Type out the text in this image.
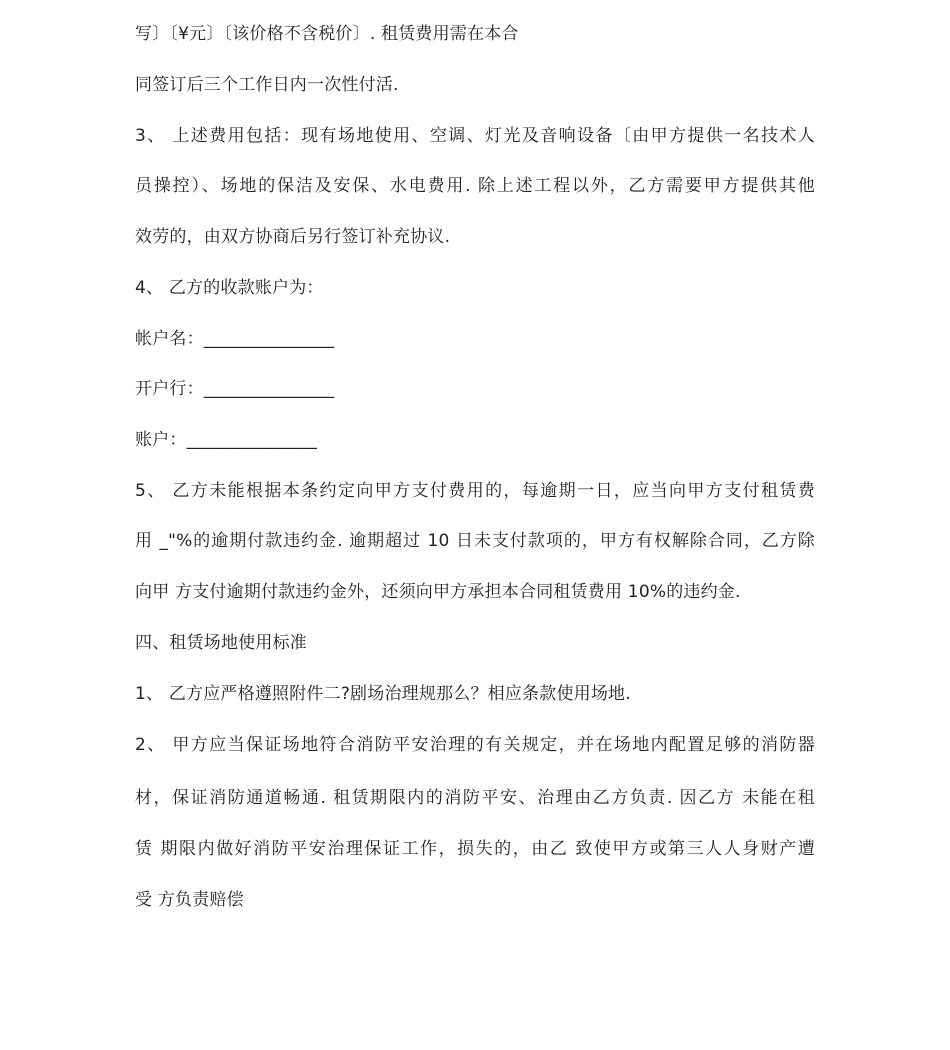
写〕〔¥元〕〔该价格不含税价〕. 租赁费用需在本合
同签订后三个工作日内一次性付活.
3、 上述费用包括：现有场地使用、空调、灯光及音响设备〔由甲方提供一名技术人
员操控）、场地的保洁及安保、水电费用. 除上述工程以外，乙方需要甲方提供其他
效劳的，由双方协商后另行签订补充协议.
4、 乙方的收款账户为：
帐户名：_______________
开户行：_______________
账户：_______________
5、 乙方未能根据本条约定向甲方支付费用的，每逾期一日，应当向甲方支付租赁费
用 _"%的逾期付款违约金. 逾期超过 10 日未支付款项的，甲方有权解除合同，乙方除
向甲 方支付逾期付款违约金外，还须向甲方承担本合同租赁费用 10%的违约金.
四、租赁场地使用标准
1、 乙方应严格遵照附件二?剧场治理规那么？相应条款使用场地.
2、 甲方应当保证场地符合消防平安治理的有关规定，并在场地内配置足够的消防器
材，保证消防通道畅通. 租赁期限内的消防平安、治理由乙方负责. 因乙方 未能在租
赁 期限内做好消防平安治理保证工作，损失的，由乙 致使甲方或第三人人身财产遭
受 方负责赔偿
